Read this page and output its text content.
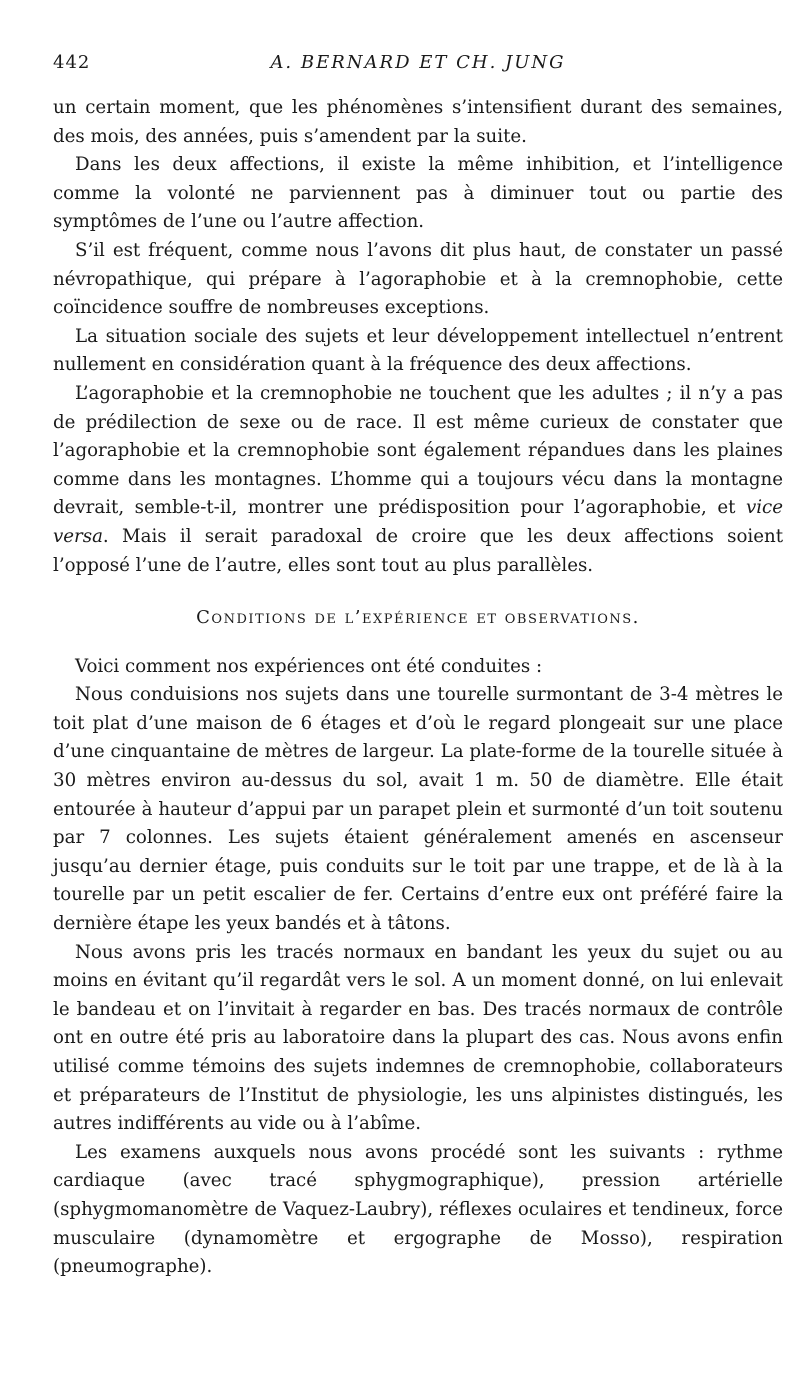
442	A. BERNARD ET CH. JUNG

un certain moment, que les phénomènes s’intensifient durant des semaines, des mois, des années, puis s’amendent par la suite.

Dans les deux affections, il existe la même inhibition, et l’intelligence comme la volonté ne parviennent pas à diminuer tout ou partie des symptômes de l’une ou l’autre affection.

S’il est fréquent, comme nous l’avons dit plus haut, de constater un passé névropathique, qui prépare à l’agoraphobie et à la cremnophobie, cette coïncidence souffre de nombreuses exceptions.

La situation sociale des sujets et leur développement intellectuel n’entrent nullement en considération quant à la fréquence des deux affections.

L’agoraphobie et la cremnophobie ne touchent que les adultes ; il n’y a pas de prédilection de sexe ou de race. Il est même curieux de constater que l’agoraphobie et la cremnophobie sont également répandues dans les plaines comme dans les montagnes. L’homme qui a toujours vécu dans la montagne devrait, semble-t-il, montrer une prédisposition pour l’agoraphobie, et vice versa. Mais il serait paradoxal de croire que les deux affections soient l’opposé l’une de l’autre, elles sont tout au plus parallèles.

Conditions de l’expérience et observations.

Voici comment nos expériences ont été conduites :

Nous conduisions nos sujets dans une tourelle surmontant de 3-4 mètres le toit plat d’une maison de 6 étages et d’où le regard plongeait sur une place d’une cinquantaine de mètres de largeur. La plate-forme de la tourelle située à 30 mètres environ au-dessus du sol, avait 1 m. 50 de diamètre. Elle était entourée à hauteur d’appui par un parapet plein et surmonté d’un toit soutenu par 7 colonnes. Les sujets étaient généralement amenés en ascenseur jusqu’au dernier étage, puis conduits sur le toit par une trappe, et de là à la tourelle par un petit escalier de fer. Certains d’entre eux ont préféré faire la dernière étape les yeux bandés et à tâtons.

Nous avons pris les tracés normaux en bandant les yeux du sujet ou au moins en évitant qu’il regardât vers le sol. A un moment donné, on lui enlevait le bandeau et on l’invitait à regarder en bas. Des tracés normaux de contrôle ont en outre été pris au laboratoire dans la plupart des cas. Nous avons enfin utilisé comme témoins des sujets indemnes de cremnophobie, collaborateurs et préparateurs de l’Institut de physiologie, les uns alpinistes distingués, les autres indifférents au vide ou à l’abîme.

Les examens auxquels nous avons procédé sont les suivants : rythme cardiaque (avec tracé sphygmographique), pression artérielle (sphygmomanomètre de Vaquez-Laubry), réflexes oculaires et tendineux, force musculaire (dynamomètre et ergographe de Mosso), respiration (pneumographe).
